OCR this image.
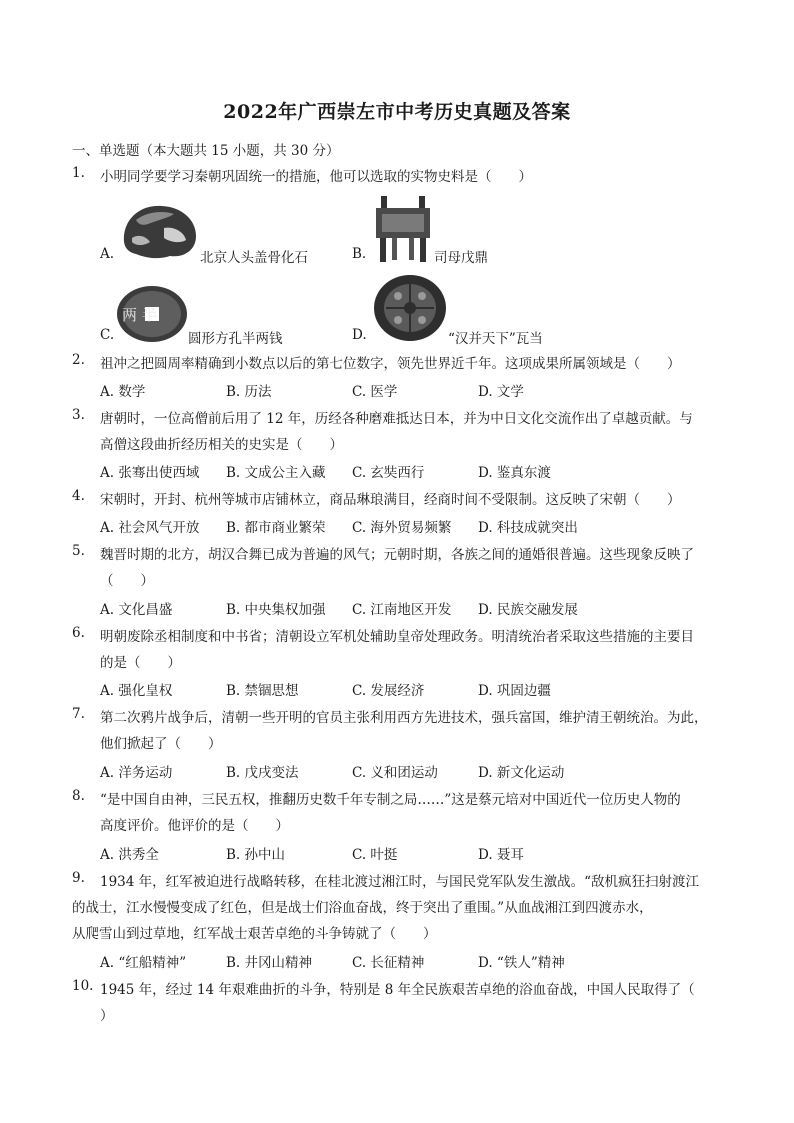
2022年广西崇左市中考历史真题及答案
一、单选题（本大题共 15 小题，共 30 分）
1. 小明同学要学习秦朝巩固统一的措施，他可以选取的实物史料是（　　）
A.	北京人头盖骨化石	B.	司母戊鼎
C.
两 半
圆形方孔半两钱	D.	“汉并天下”瓦当
2. 祖冲之把圆周率精确到小数点以后的第七位数字，领先世界近千年。这项成果所属领域是（　　）
A. 数学	B. 历法	C. 医学	D. 文学
3. 唐朝时，一位高僧前后用了 12 年，历经各种磨难抵达日本，并为中日文化交流作出了卓越贡献。与
高僧这段曲折经历相关的史实是（　　）
A. 张骞出使西域 B. 文成公主入藏 C. 玄奘西行	D. 鉴真东渡
4. 宋朝时，开封、杭州等城市店铺林立，商品琳琅满目，经商时间不受限制。这反映了宋朝（　　）
A. 社会风气开放 B. 都市商业繁荣 C. 海外贸易频繁 D. 科技成就突出
5. 魏晋时期的北方，胡汉合舞已成为普遍的风气；元朝时期，各族之间的通婚很普遍。这些现象反映了
（　　）
A. 文化昌盛	B. 中央集权加强 C. 江南地区开发 D. 民族交融发展
6. 明朝废除丞相制度和中书省；清朝设立军机处辅助皇帝处理政务。明清统治者采取这些措施的主要目
的是（　　）
A. 强化皇权	B. 禁锢思想	C. 发展经济	D. 巩固边疆
7. 第二次鸦片战争后，清朝一些开明的官员主张利用西方先进技术，强兵富国，维护清王朝统治。为此，
他们掀起了（　　）
A. 洋务运动	B. 戊戌变法	C. 义和团运动	D. 新文化运动
8. “是中国自由神，三民五权，推翻历史数千年专制之局……”这是蔡元培对中国近代一位历史人物的
高度评价。他评价的是（　　）
A. 洪秀全	B. 孙中山	C. 叶挺	D. 聂耳
9. 1934 年，红军被迫进行战略转移，在桂北渡过湘江时，与国民党军队发生激战。“敌机疯狂扫射渡江
的战士，江水慢慢变成了红色，但是战士们浴血奋战，终于突出了重围。”从血战湘江到四渡赤水，
从爬雪山到过草地，红军战士艰苦卓绝的斗争铸就了（　　）
A. “红船精神”	B. 井冈山精神	C. 长征精神	D. “铁人”精神
10. 1945 年，经过 14 年艰难曲折的斗争，特别是 8 年全民族艰苦卓绝的浴血奋战，中国人民取得了（
）
